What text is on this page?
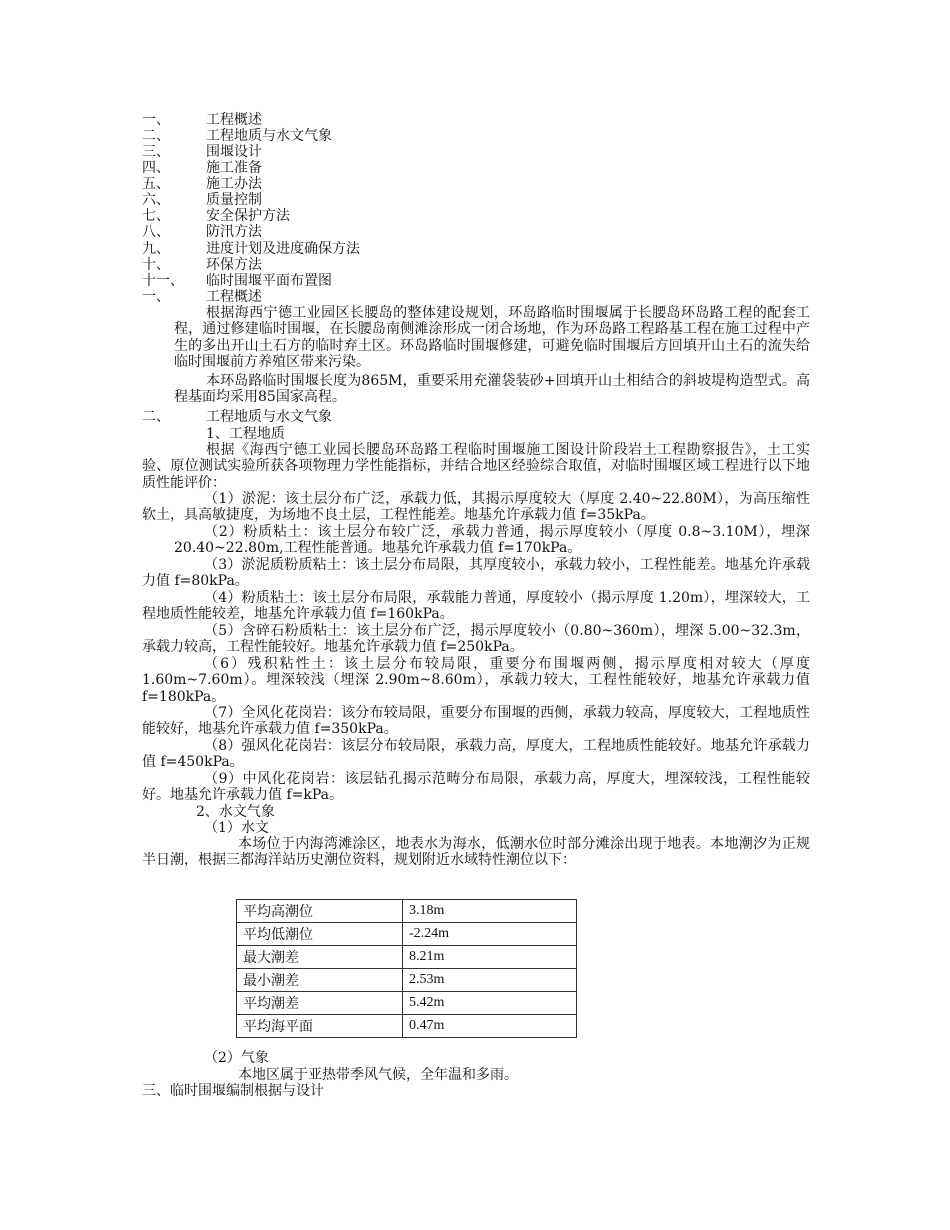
一、	工程概述
二、	工程地质与水文气象
三、	围堰设计
四、	施工准备
五、	施工办法
六、	质量控制
七、	安全保护方法
八、	防汛方法
九、	进度计划及进度确保方法
十、	环保方法
十一、 临时围堰平面布置图
一、	工程概述
根据海西宁德工业园区长腰岛的整体建设规划，环岛路临时围堰属于长腰岛环岛路工程的配套工程，通过修建临时围堰，在长腰岛南侧滩涂形成一闭合场地，作为环岛路工程路基工程在施工过程中产生的多出开山土石方的临时弃土区。环岛路临时围堰修建，可避免临时围堰后方回填开山土石的流失给临时围堰前方养殖区带来污染。
本环岛路临时围堰长度为865M，重要采用充灌袋装砂+回填开山土相结合的斜坡堤构造型式。高程基面均采用85国家高程。
二、	工程地质与水文气象
1、工程地质
根据《海西宁德工业园长腰岛环岛路工程临时围堰施工图设计阶段岩土工程勘察报告》，土工实验、原位测试实验所获各项物理力学性能指标，并结合地区经验综合取值，对临时围堰区域工程进行以下地质性能评价：
（1）淤泥：该土层分布广泛，承载力低，其揭示厚度较大（厚度 2.40~22.80M），为高压缩性软土，具高敏捷度，为场地不良土层，工程性能差。地基允许承载力值 f=35kPa。
（2）粉质粘土：该土层分布较广泛，承载力普通，揭示厚度较小（厚度 0.8~3.10M），埋深 20.40~22.80m,工程性能普通。地基允许承载力值 f=170kPa。
（3）淤泥质粉质粘土：该土层分布局限，其厚度较小，承载力较小，工程性能差。地基允许承载力值 f=80kPa。
（4）粉质粘土：该土层分布局限，承载能力普通，厚度较小（揭示厚度 1.20m），埋深较大，工程地质性能较差，地基允许承载力值 f=160kPa。
（5）含碎石粉质粘土：该土层分布广泛，揭示厚度较小（0.80~360m），埋深 5.00~32.3m，承载力较高，工程性能较好。地基允许承载力值 f=250kPa。
（6）残积粘性土：该土层分布较局限，重要分布围堰两侧，揭示厚度相对较大（厚度 1.60m~7.60m）。埋深较浅（埋深 2.90m~8.60m），承载力较大，工程性能较好，地基允许承载力值 f=180kPa。
（7）全风化花岗岩：该分布较局限，重要分布围堰的西侧，承载力较高，厚度较大，工程地质性能较好，地基允许承载力值 f=350kPa。
（8）强风化花岗岩：该层分布较局限，承载力高，厚度大，工程地质性能较好。地基允许承载力值 f=450kPa。
（9）中风化花岗岩：该层钻孔揭示范畴分布局限，承载力高，厚度大，埋深较浅，工程性能较好。地基允许承载力值 f=kPa。
2、水文气象
（1）水文
本场位于内海湾滩涂区，地表水为海水，低潮水位时部分滩涂出现于地表。本地潮汐为正规半日潮，根据三都海洋站历史潮位资料，规划附近水域特性潮位以下：
平均高潮位	3.18m
平均低潮位	-2.24m
最大潮差	8.21m
最小潮差	2.53m
平均潮差	5.42m
平均海平面	0.47m
（2）气象
本地区属于亚热带季风气候，全年温和多雨。
三、临时围堰编制根据与设计
